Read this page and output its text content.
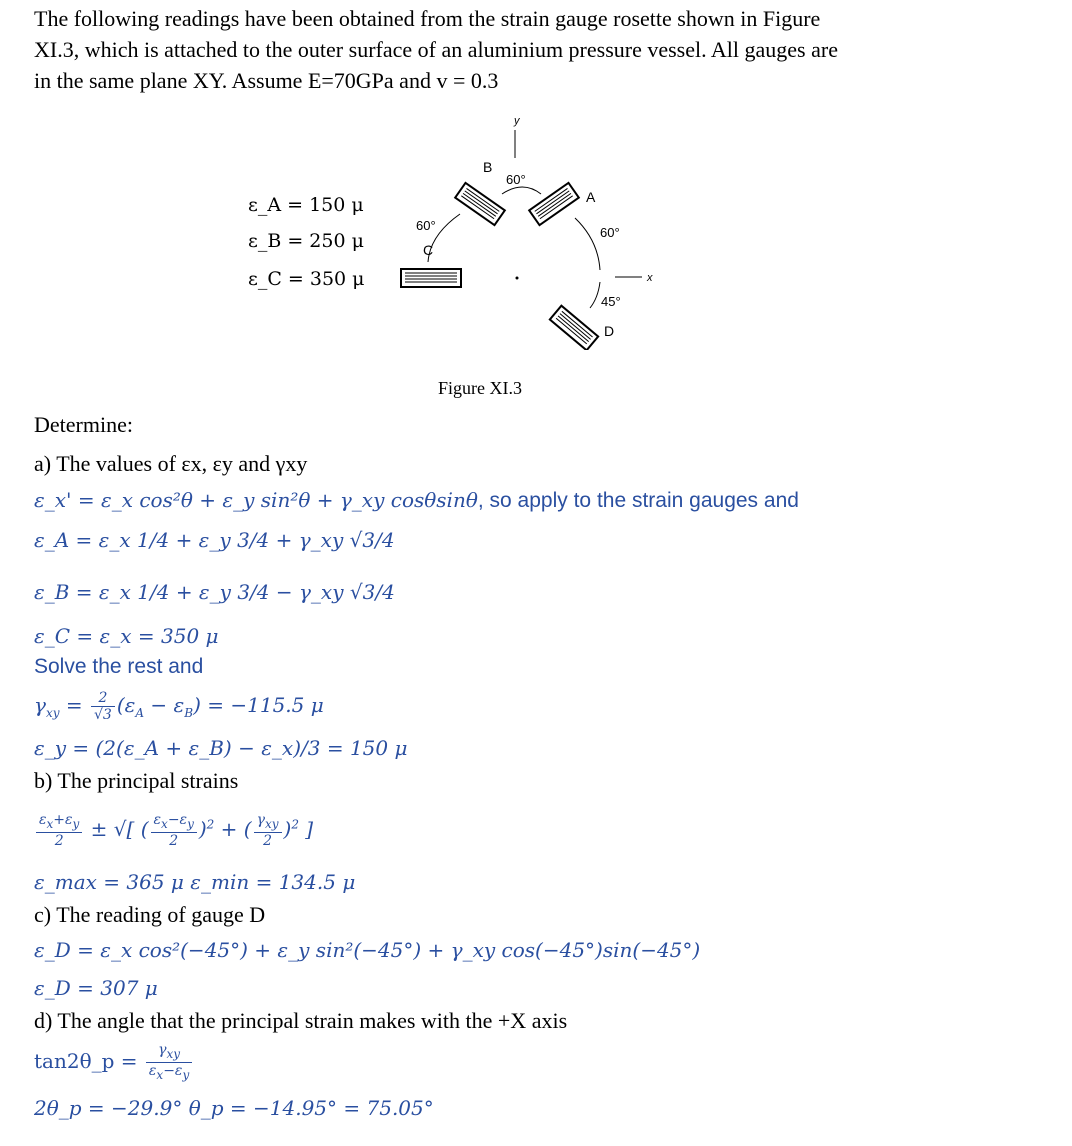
The following readings have been obtained from the strain gauge rosette shown in Figure
XI.3, which is attached to the outer surface of an aluminium pressure vessel. All gauges are
in the same plane XY. Assume E=70GPa and v = 0.3
ε_A = 150 μ
ε_B = 250 μ
ε_C = 350 μ
y
x
B
A
C
D
60°
60°	60°
45°
Figure XI.3
Determine:
a) The values of εx, εy and γxy
ε_x' = ε_x cos²θ + ε_y sin²θ + γ_xy cosθsinθ, so apply to the strain gauges and
ε_A = ε_x 1/4 + ε_y 3/4 + γ_xy √3/4
ε_B = ε_x 1/4 + ε_y 3/4 − γ_xy √3/4
ε_C = ε_x = 350 μ
Solve the rest and
$\gamma_{xy} = \frac{2}{√3} (\varepsilon_A - \varepsilon_B) = -115.5$ μ
ε_y = (2(ε_A + ε_B) − ε_x)/3 = 150 μ
b) The principal strains
$\frac{\varepsilon_x+\varepsilon_y}{2}$ ± √[ ( $\frac{\varepsilon_x-\varepsilon_y}{2} )^2$ + ( $\gamma_{xy}$
2 )$^2$ ]
ε_max = 365 μ ε_min = 134.5 μ
c) The reading of gauge D
ε_D = ε_x cos²(−45°) + ε_y sin²(−45°) + γ_xy cos(−45°)sin(−45°)
ε_D = 307 μ
d) The angle that the principal strain makes with the +X axis
tan2θ_p =	$\gamma_{xy}$
$\varepsilon_x-\varepsilon_y$
2θ_p = −29.9° θ_p = −14.95° = 75.05°
